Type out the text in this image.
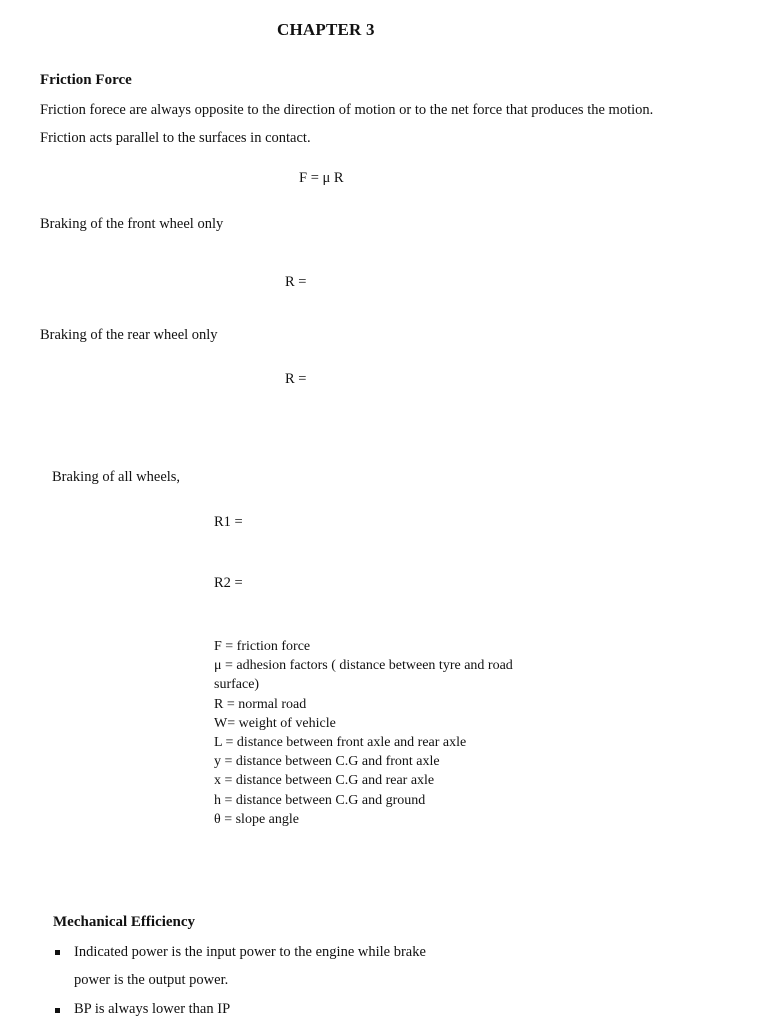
CHAPTER 3
Friction Force
Friction forece are always opposite to the direction of motion or to the net force that produces the motion.
Friction acts parallel to the surfaces in contact.
F = μ R
Braking of the front wheel only
R =
Braking of the rear wheel only
R =
Braking of all wheels,
R1 =
R2 =
F = friction force
μ = adhesion factors ( distance between tyre and road
surface)
R = normal road
W= weight of vehicle
L = distance between front axle and rear axle
y = distance between C.G and front axle
x = distance between C.G and rear axle
h = distance between C.G and ground
θ = slope angle
Mechanical Efficiency
Indicated power is the input power to the engine while brake
power is the output power.
BP is always lower than IP
